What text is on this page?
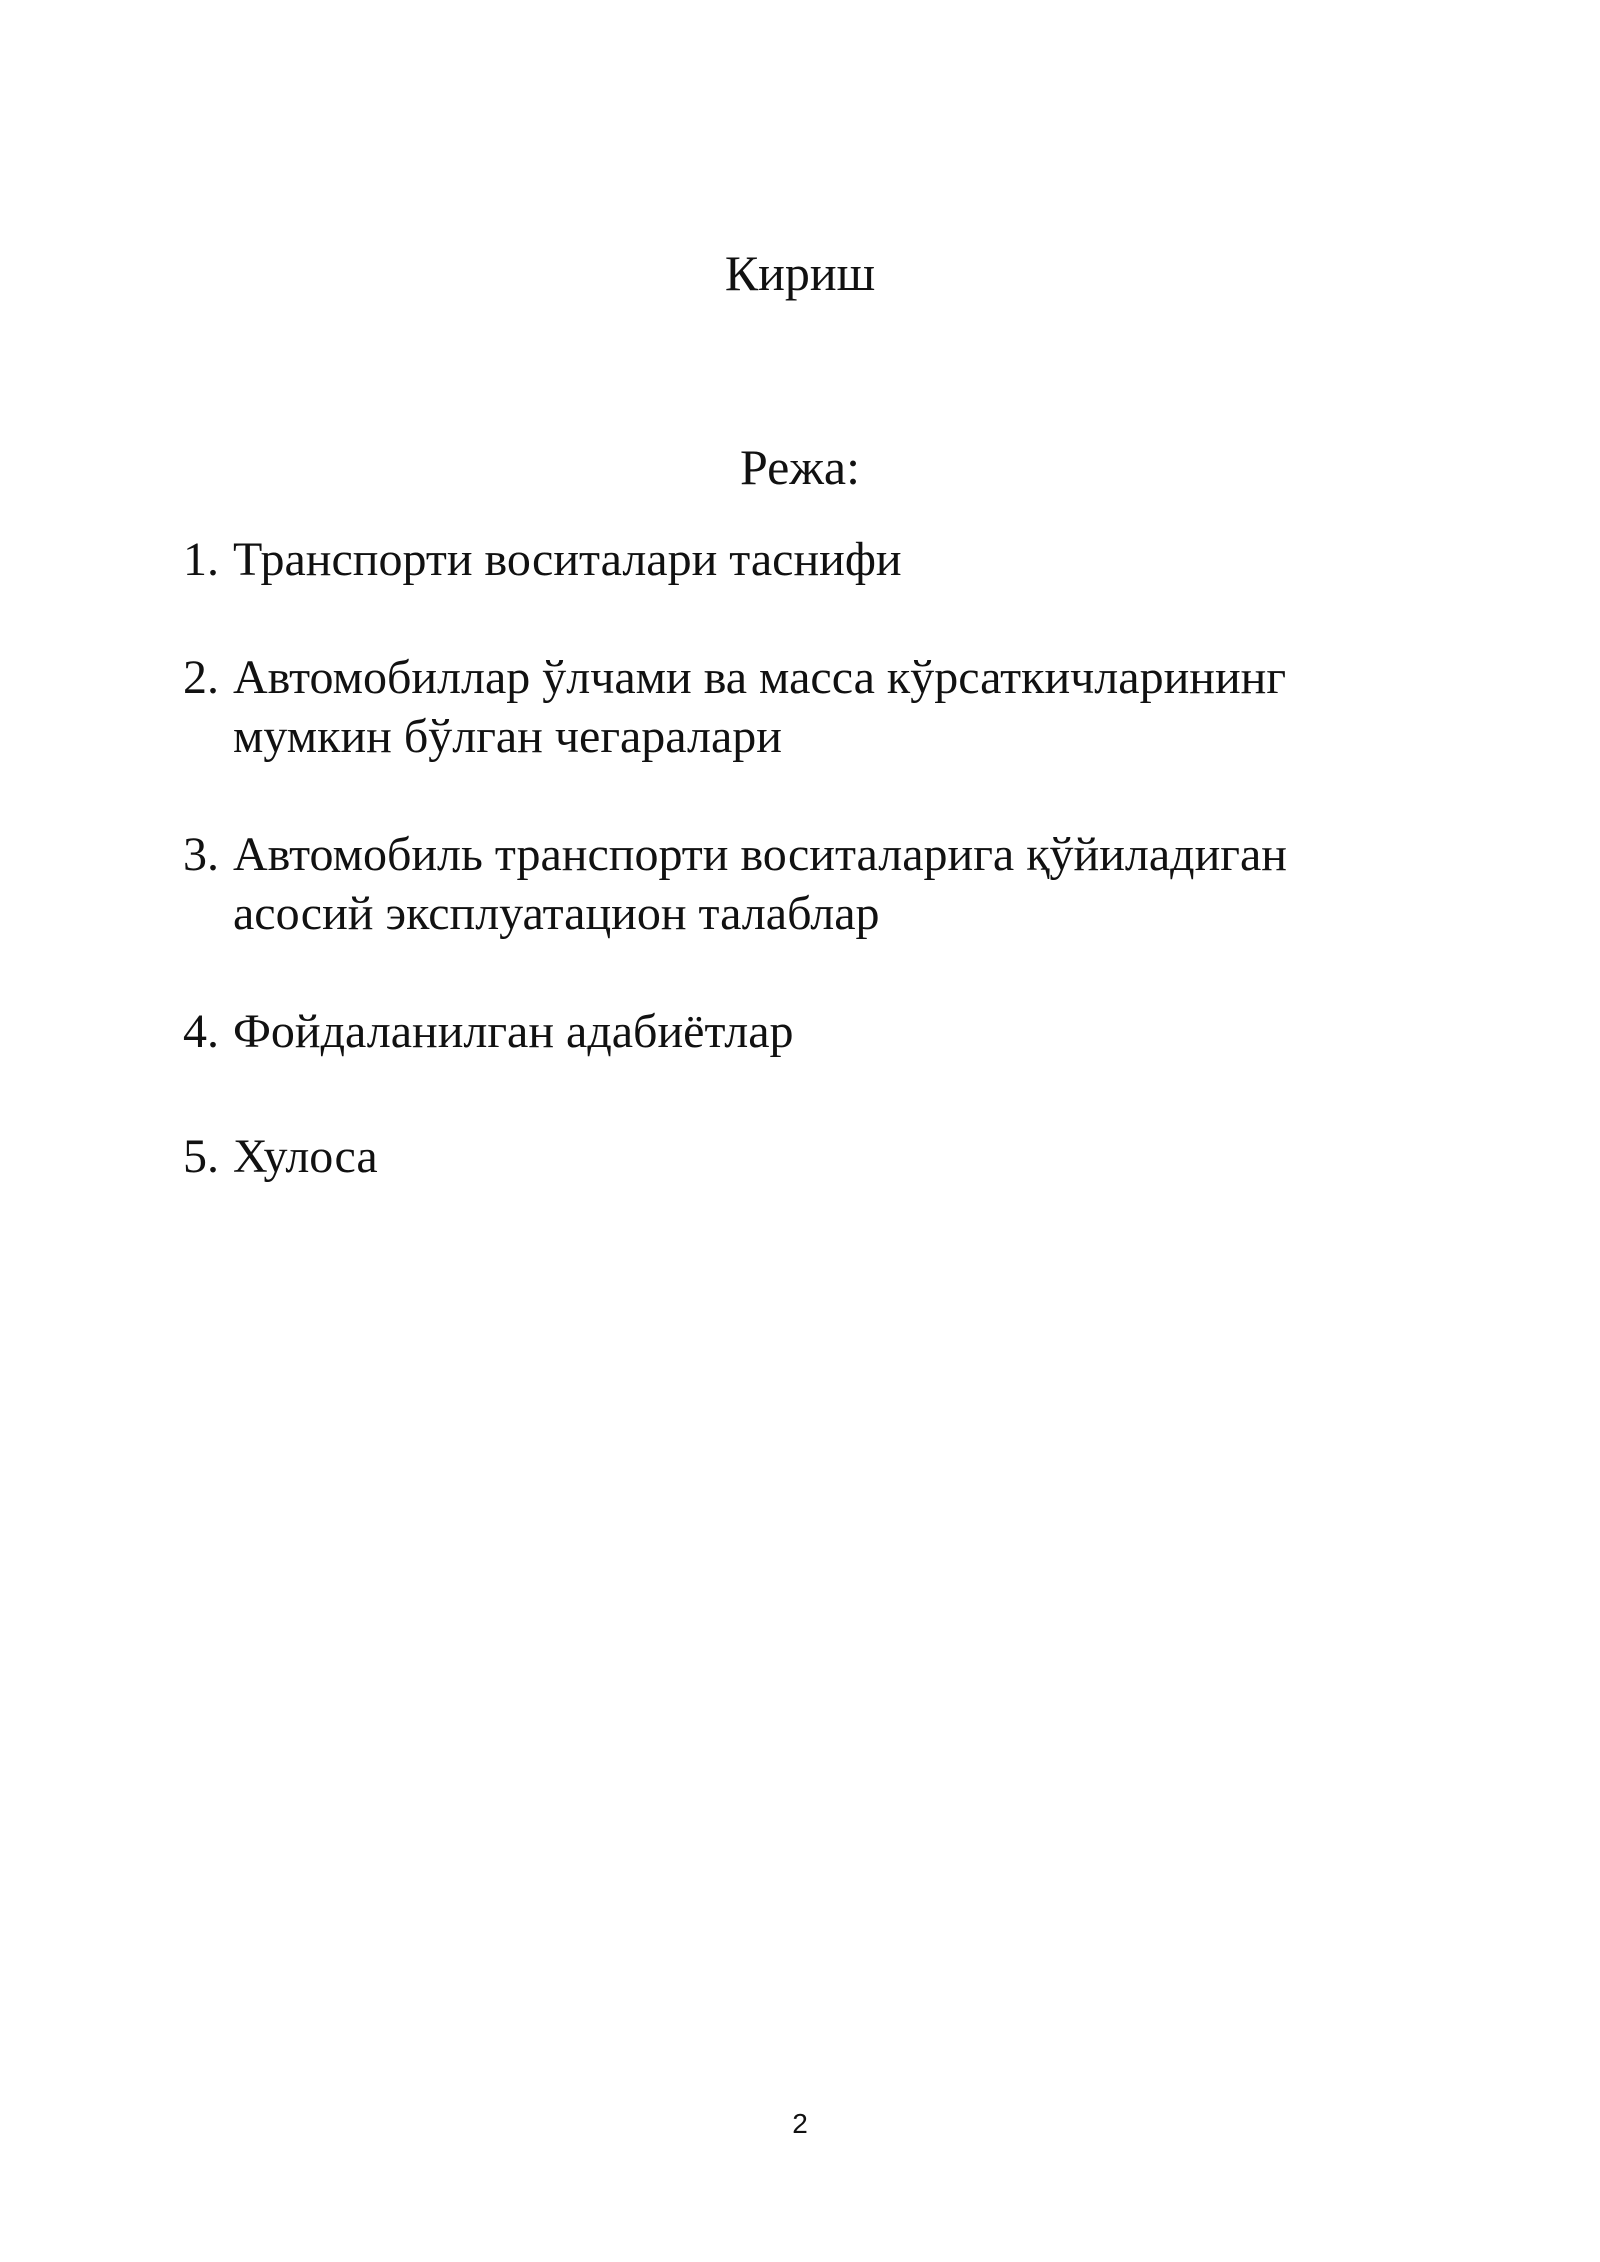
Кириш
Режа:
1. Транспорти воситалари таснифи
2. Автомобиллар ўлчами ва масса кўрсаткичларининг мумкин бўлган чегаралари
3. Автомобиль транспорти воситаларига қўйиладиган асосий эксплуатацион талаблар
4. Фойдаланилган адабиётлар
5. Хулоса
2
